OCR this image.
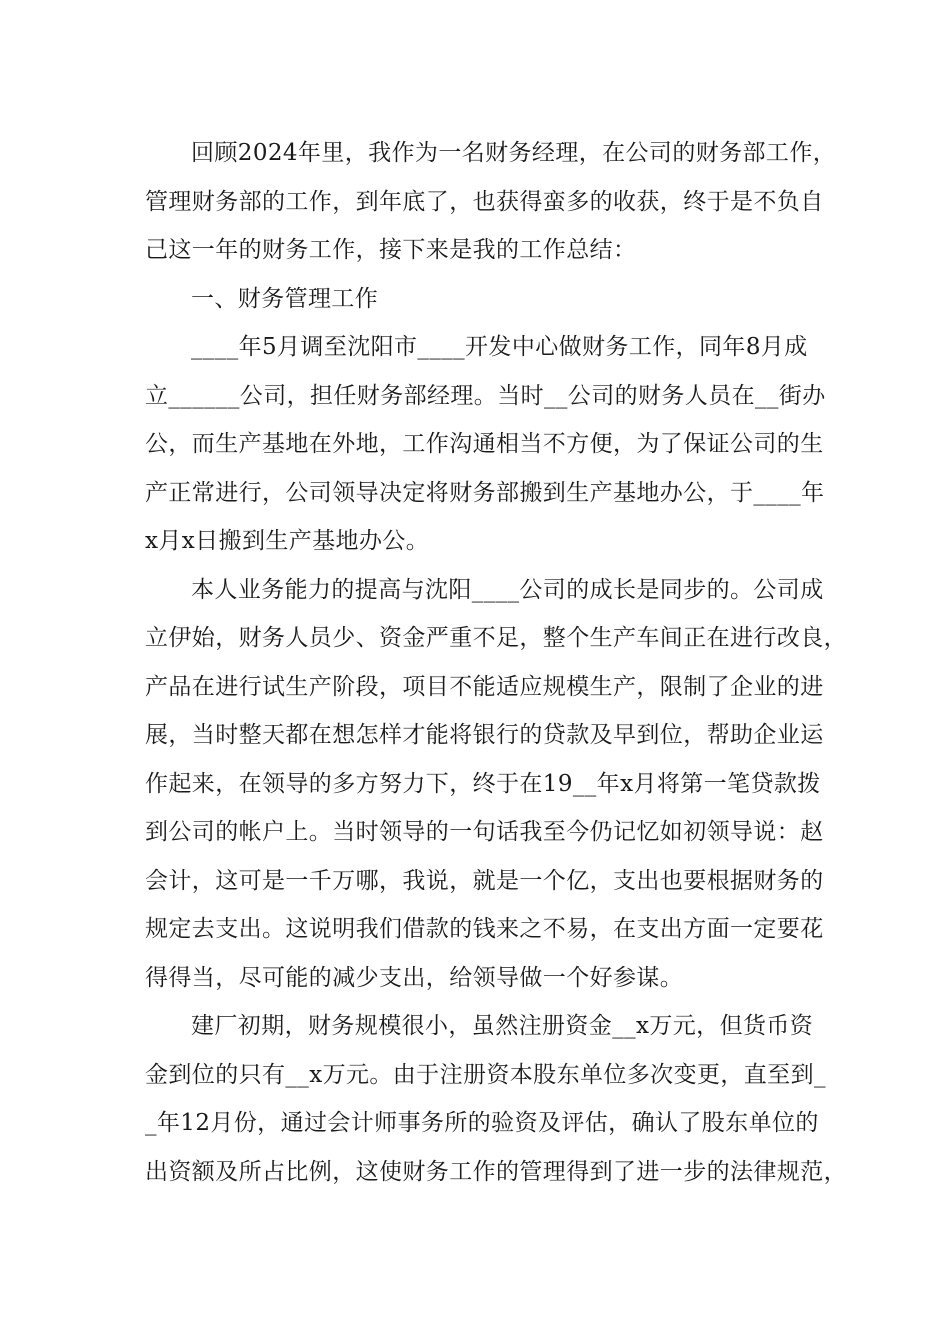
回顾2024年里，我作为一名财务经理，在公司的财务部工作，
管理财务部的工作，到年底了，也获得蛮多的收获，终于是不负自
己这一年的财务工作，接下来是我的工作总结：
一、财务管理工作
____年5月调至沈阳市____开发中心做财务工作，同年8月成
立______公司，担任财务部经理。当时__公司的财务人员在__街办
公，而生产基地在外地，工作沟通相当不方便，为了保证公司的生
产正常进行，公司领导决定将财务部搬到生产基地办公，于____年
x月x日搬到生产基地办公。
本人业务能力的提高与沈阳____公司的成长是同步的。公司成
立伊始，财务人员少、资金严重不足，整个生产车间正在进行改良，
产品在进行试生产阶段，项目不能适应规模生产，限制了企业的进
展，当时整天都在想怎样才能将银行的贷款及早到位，帮助企业运
作起来，在领导的多方努力下，终于在19__年x月将第一笔贷款拨
到公司的帐户上。当时领导的一句话我至今仍记忆如初领导说：赵
会计，这可是一千万哪，我说，就是一个亿，支出也要根据财务的
规定去支出。这说明我们借款的钱来之不易，在支出方面一定要花
得得当，尽可能的减少支出，给领导做一个好参谋。
建厂初期，财务规模很小，虽然注册资金__x万元，但货币资
金到位的只有__x万元。由于注册资本股东单位多次变更，直至到_
_年12月份，通过会计师事务所的验资及评估，确认了股东单位的
出资额及所占比例，这使财务工作的管理得到了进一步的法律规范，
